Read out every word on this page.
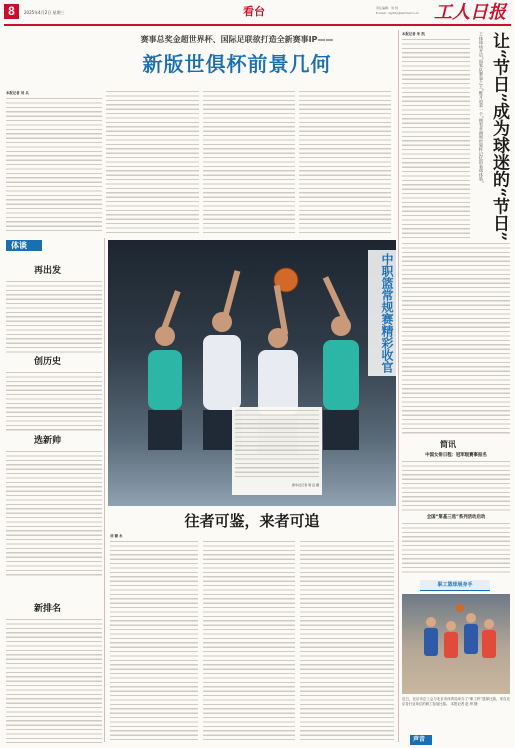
8	2025年4月2日 星期三	看台	责任编辑：刘 悦
E-mail：zgrbty@workercn.cn 工人日报
赛事总奖金超世界杯、国际足联欲打造全新赛事IP——
新版世俱杯前景几何
本报记者 刘 兵
体谈
再出发
创历史
选新帅
新排名
中职篮常规赛精彩收官
新华社记者 周 良 摄
往者可鉴，来者可追
刘 颖 永
本报记者 朱 凯	工体球场开启“国家队赛事之王”惟才追求一个“拥有亚洲和世界杯记忆的看球体验” 让“节日”成为球迷的“节日”
简讯
中国女排日程：冠军级赛事报名
全国“第基三选”系列活动启动
职工篮球展身手
近日，北京市总工会与北京市体育局举办了“职工杯”篮球比赛，来自北京各行业单位的职工参加比赛。 本报记者 赵 昂 摄
声音
